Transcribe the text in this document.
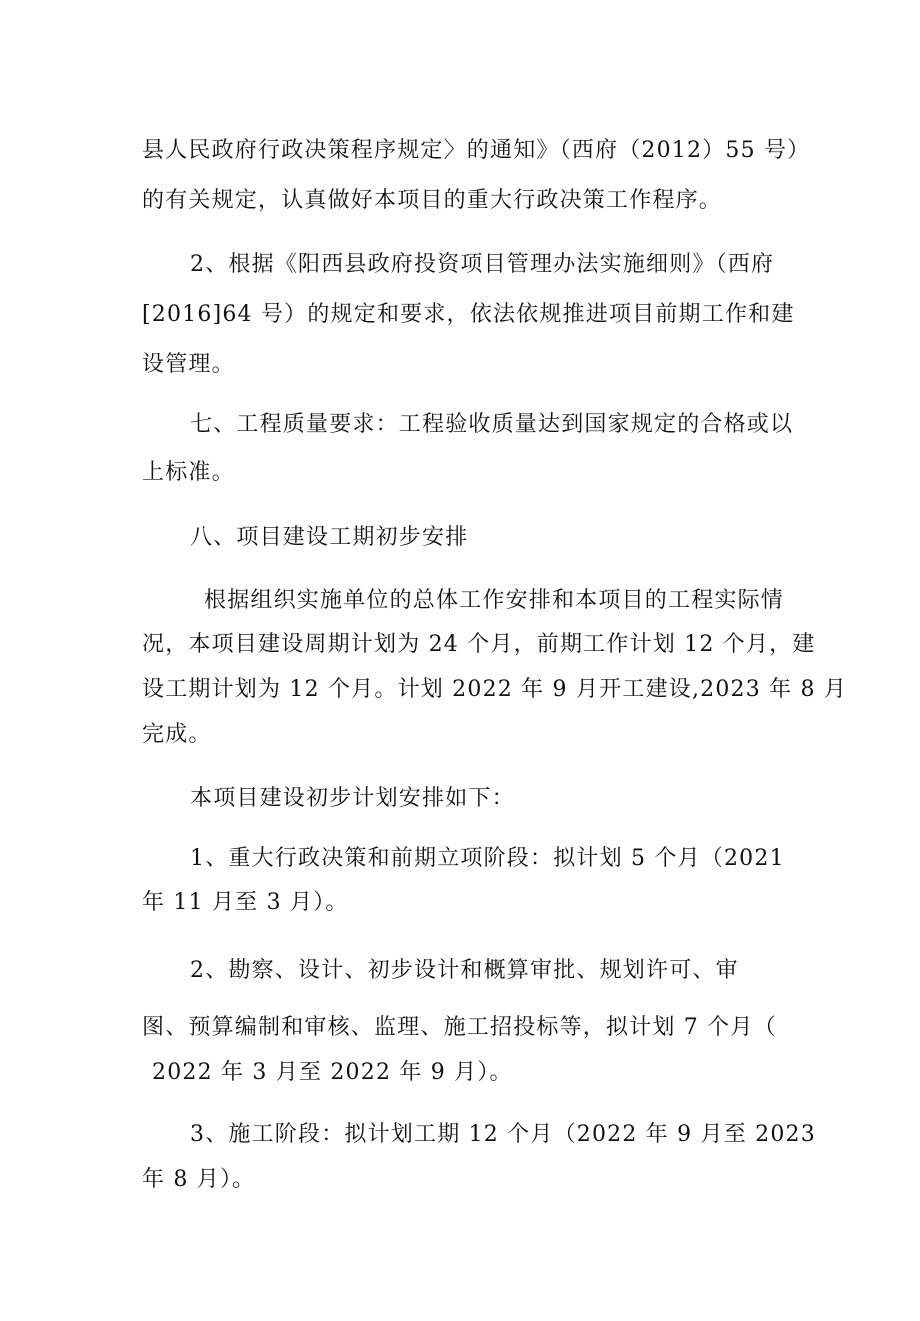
县人民政府行政决策程序规定〉的通知》（西府（2012）55 号）
的有关规定，认真做好本项目的重大行政决策工作程序。
2、根据《阳西县政府投资项目管理办法实施细则》（西府
[2016]64 号）的规定和要求，依法依规推进项目前期工作和建
设管理。
七、工程质量要求：工程验收质量达到国家规定的合格或以
上标准。
八、项目建设工期初步安排
根据组织实施单位的总体工作安排和本项目的工程实际情
况，本项目建设周期计划为 24 个月，前期工作计划 12 个月，建
设工期计划为 12 个月。计划 2022 年 9 月开工建设,2023 年 8 月
完成。
本项目建设初步计划安排如下：
1、重大行政决策和前期立项阶段：拟计划 5 个月（2021
年 11 月至 3 月）。
2、勘察、设计、初步设计和概算审批、规划许可、审
图、预算编制和审核、监理、施工招投标等，拟计划 7 个月（
2022 年 3 月至 2022 年 9 月）。
3、施工阶段：拟计划工期 12 个月（2022 年 9 月至 2023
年 8 月）。
